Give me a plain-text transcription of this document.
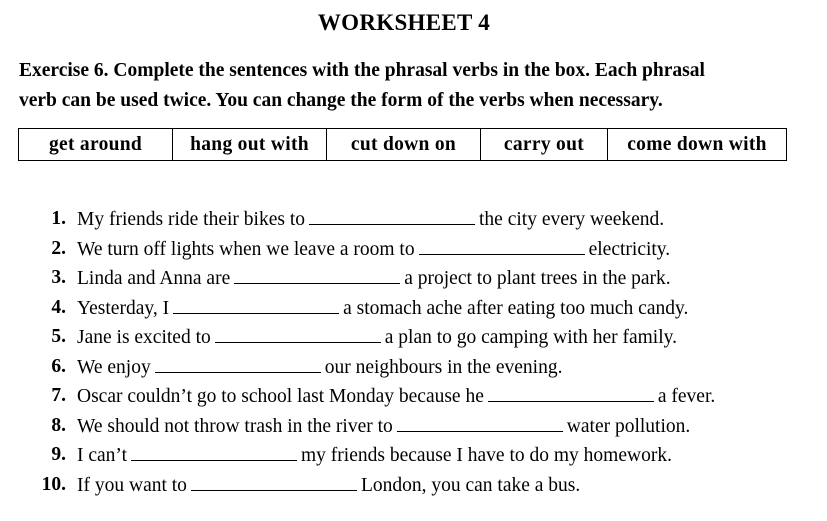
WORKSHEET 4
Exercise 6. Complete the sentences with the phrasal verbs in the box. Each phrasal
verb can be used twice. You can change the form of the verbs when necessary.
get around	hang out with	cut down on	carry out	come down with
1. My friends ride their bikes to	the city every weekend.
2. We turn off lights when we leave a room to	electricity.
3. Linda and Anna are	a project to plant trees in the park.
4. Yesterday, I	a stomach ache after eating too much candy.
5. Jane is excited to	a plan to go camping with her family.
6. We enjoy	our neighbours in the evening.
7. Oscar couldn’t go to school last Monday because he	a fever.
8. We should not throw trash in the river to	water pollution.
9. I can’t	my friends because I have to do my homework.
10. If you want to	London, you can take a bus.
